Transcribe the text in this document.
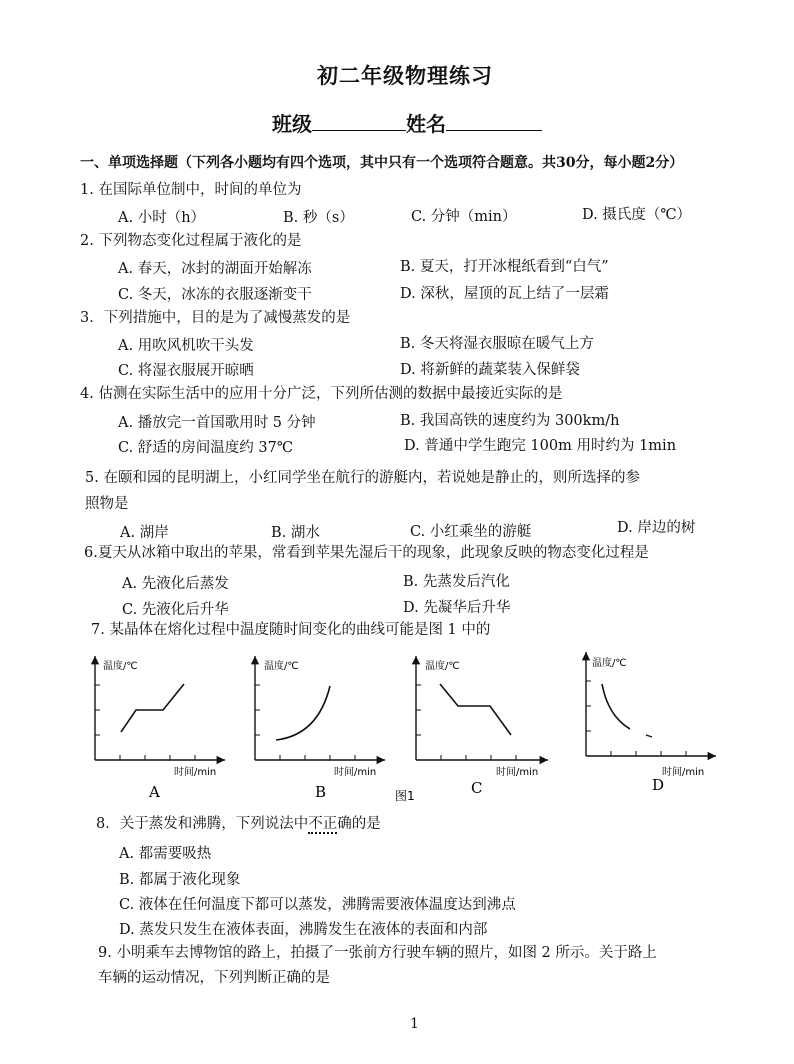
初二年级物理练习
班级	姓名
一、单项选择题（下列各小题均有四个选项，其中只有一个选项符合题意。共30分，每小题2分）
1. 在国际单位制中，时间的单位为
A. 小时（h）	B. 秒（s）	C. 分钟（min）	D. 摄氏度（℃）
2. 下列物态变化过程属于液化的是
A. 春天，冰封的湖面开始解冻	B. 夏天，打开冰棍纸看到“白气”
C. 冬天，冰冻的衣服逐渐变干	D. 深秋，屋顶的瓦上结了一层霜
3．下列措施中，目的是为了减慢蒸发的是
A. 用吹风机吹干头发	B. 冬天将湿衣服晾在暖气上方
C. 将湿衣服展开晾晒	D. 将新鲜的蔬菜装入保鲜袋
4. 估测在实际生活中的应用十分广泛，下列所估测的数据中最接近实际的是
A. 播放完一首国歌用时 5 分钟	B. 我国高铁的速度约为 300km/h
C. 舒适的房间温度约 37℃	D. 普通中学生跑完 100m 用时约为 1min
5. 在颐和园的昆明湖上，小红同学坐在航行的游艇内，若说她是静止的，则所选择的参
照物是
A. 湖岸	B. 湖水	C. 小红乘坐的游艇	D. 岸边的树
6.夏天从冰箱中取出的苹果，常看到苹果先湿后干的现象，此现象反映的物态变化过程是
A. 先液化后蒸发	B. 先蒸发后汽化
C. 先液化后升华	D. 先凝华后升华
7. 某晶体在熔化过程中温度随时间变化的曲线可能是图 1 中的
温度/℃
时间/min
A
温度/℃
时间/min
B
温度/℃
时间/min
C
温度/℃
时间/min
D
图1
8．关于蒸发和沸腾，下列说法中不正确的是
A. 都需要吸热
B. 都属于液化现象
C. 液体在任何温度下都可以蒸发，沸腾需要液体温度达到沸点
D. 蒸发只发生在液体表面，沸腾发生在液体的表面和内部
9. 小明乘车去博物馆的路上，拍摄了一张前方行驶车辆的照片，如图 2 所示。关于路上
车辆的运动情况，下列判断正确的是
1
